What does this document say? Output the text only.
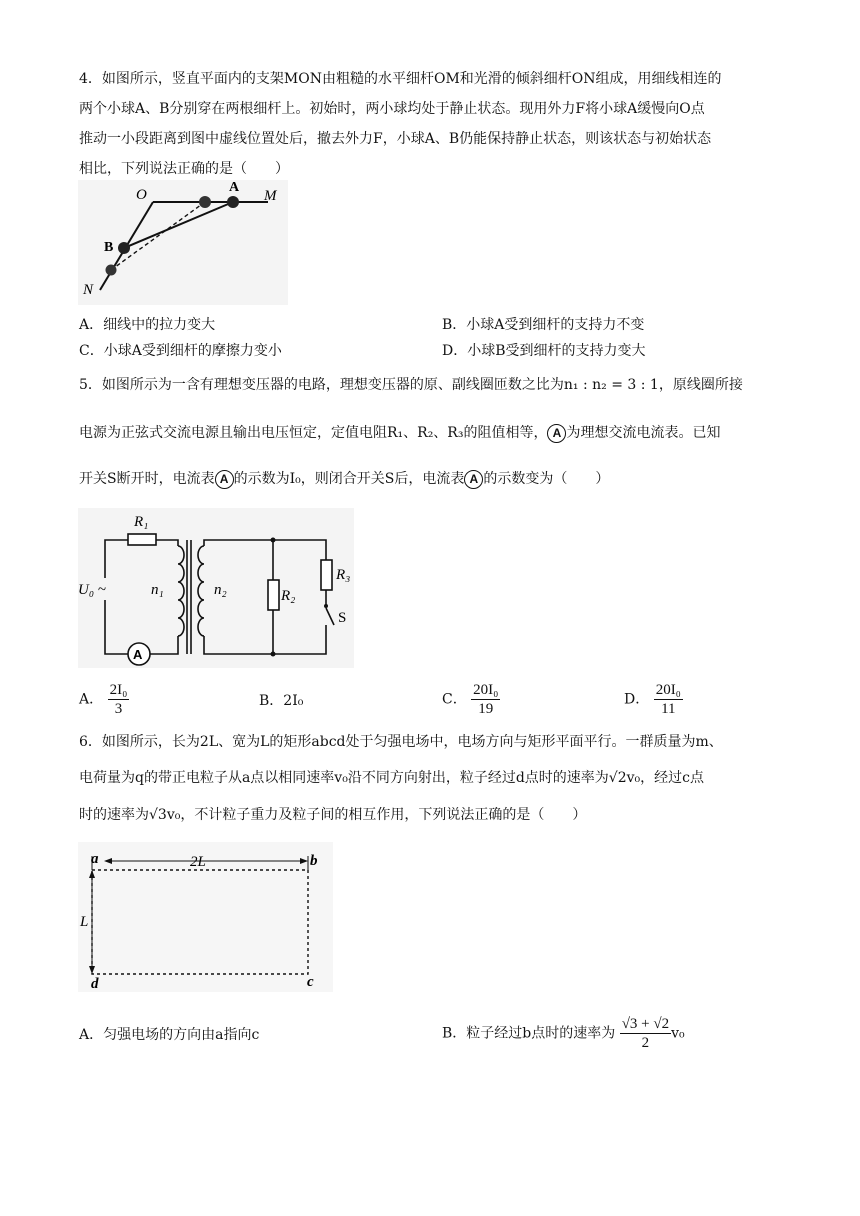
4．如图所示，竖直平面内的支架MON由粗糙的水平细杆OM和光滑的倾斜细杆ON组成，用细线相连的
两个小球A、B分别穿在两根细杆上。初始时，两小球均处于静止状态。现用外力F将小球A缓慢向O点
推动一小段距离到图中虚线位置处后，撤去外力F，小球A、B仍能保持静止状态，则该状态与初始状态
相比，下列说法正确的是（　　）
O	A
M
B
N
A．细线中的拉力变大	B．小球A受到细杆的支持力不变
C．小球A受到细杆的摩擦力变小	D．小球B受到细杆的支持力变大
5．如图所示为一含有理想变压器的电路，理想变压器的原、副线圈匝数之比为n₁ : n₂ = 3 : 1，原线圈所接
电源为正弦式交流电源且输出电压恒定，定值电阻R₁、R₂、R₃的阻值相等， A 为理想交流电流表。已知
开关S断开时，电流表 A 的示数为I₀，则闭合开关S后，电流表 A 的示数变为（　　）
R₁
U₀ ~	n₁	n₂	R₂
R₃
S
A
A． $\frac{\text{2I₀}}{3}$	B．2I₀	C． $\frac{\text{20I₀}}{19}$	D． $\frac{\text{20I₀}}{11}$
6．如图所示，长为2L、宽为L的矩形abcd处于匀强电场中，电场方向与矩形平面平行。一群质量为m、
电荷量为q的带正电粒子从a点以相同速率v₀沿不同方向射出，粒子经过d点时的速率为√2v₀，经过c点
时的速率为√3v₀，不计粒子重力及粒子间的相互作用，下列说法正确的是（　　）
a	b
c
d
2L
L
A．匀强电场的方向由a指向c	B．粒子经过b点时的速率为 $\frac{√3 + √2}{2} v_0$
